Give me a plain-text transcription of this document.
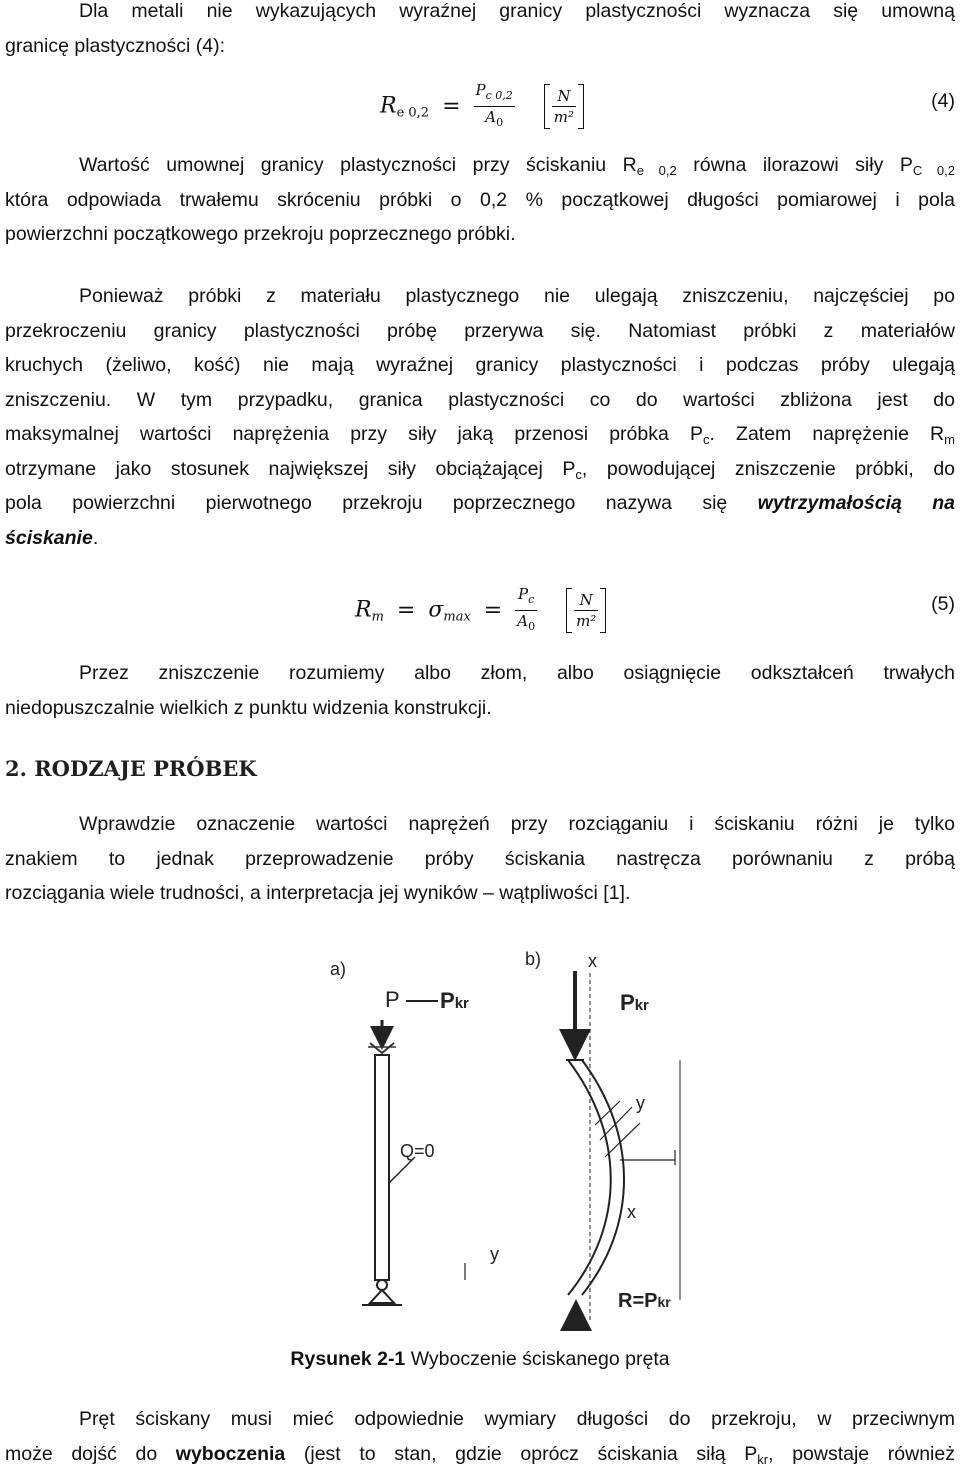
Dla metali nie wykazujących wyraźnej granicy plastyczności wyznacza się umowną
granicę plastyczności (4):
$R_{e 0,2} = \frac{P_{c 0,2}}{A_0}$
$\frac{N}{\text{m²}}$	(4)
Wartość umownej granicy plastyczności przy ściskaniu $R_{e 0,2}$ równa ilorazowi siły $P_{C 0,2}$
która odpowiada trwałemu skróceniu próbki o 0,2 % początkowej długości pomiarowej i pola
powierzchni początkowego przekroju poprzecznego próbki.
Ponieważ próbki z materiału plastycznego nie ulegają zniszczeniu, najczęściej po
przekroczeniu granicy plastyczności próbę przerywa się. Natomiast próbki z materiałów
kruchych (żeliwo, kość) nie mają wyraźnej granicy plastyczności i podczas próby ulegają
zniszczeniu. W tym przypadku, granica plastyczności co do wartości zbliżona jest do
maksymalnej wartości naprężenia przy siły jaką przenosi próbka $P_c$. Zatem naprężenie $R_m$
otrzymane jako stosunek największej siły obciążającej $P_c$, powodującej zniszczenie próbki, do
pola powierzchni pierwotnego przekroju poprzecznego nazywa się wytrzymałością na
ściskanie.
$R_m = \sigma_{max} = \frac{P_c}{A_0}$
$\frac{N}{\text{m²}}$	(5)
Przez zniszczenie rozumiemy albo złom, albo osiągnięcie odkształceń trwałych
niedopuszczalnie wielkich z punktu widzenia konstrukcji.
2. RODZAJE PRÓBEK
Wprawdzie oznaczenie wartości naprężeń przy rozciąganiu i ściskaniu różni je tylko
znakiem to jednak przeprowadzenie próby ściskania nastręcza porównaniu z próbą
rozciągania wiele trudności, a interpretacja jej wyników – wątpliwości [1].
a)
P Pkr
Q=0
y
b)	x
Pkr
y
x
R=Pkr
Rysunek 2-1 Wyboczenie ściskanego pręta
Pręt ściskany musi mieć odpowiednie wymiary długości do przekroju, w przeciwnym
może dojść do wyboczenia (jest to stan, gdzie oprócz ściskania siłą $P_{kr}$, powstaje również
